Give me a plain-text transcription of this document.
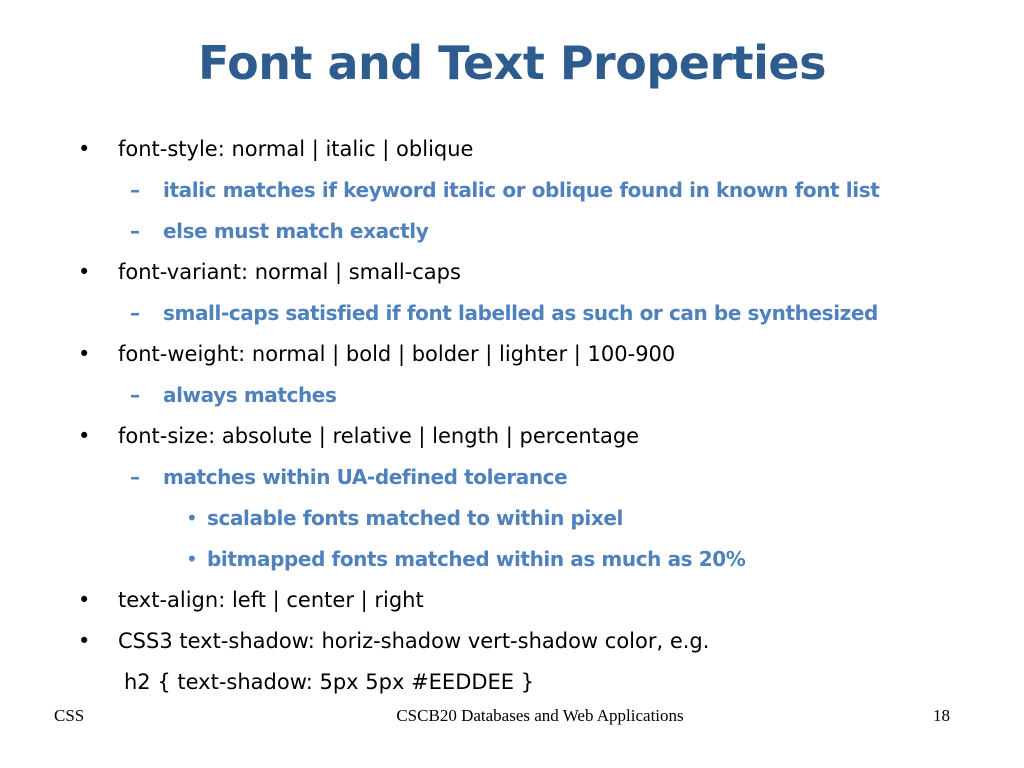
Font and Text Properties
• font-style: normal | italic | oblique
– italic matches if keyword italic or oblique found in known font list
– else must match exactly
• font-variant: normal | small-caps
– small-caps satisfied if font labelled as such or can be synthesized
• font-weight: normal | bold | bolder | lighter | 100-900
– always matches
• font-size: absolute | relative | length | percentage
– matches within UA-defined tolerance
• scalable fonts matched to within pixel
• bitmapped fonts matched within as much as 20%
• text-align: left | center | right
• CSS3 text-shadow: horiz-shadow vert-shadow color, e.g.
h2 { text-shadow: 5px 5px #EEDDEE }
CSS	CSCB20 Databases and Web Applications	18
